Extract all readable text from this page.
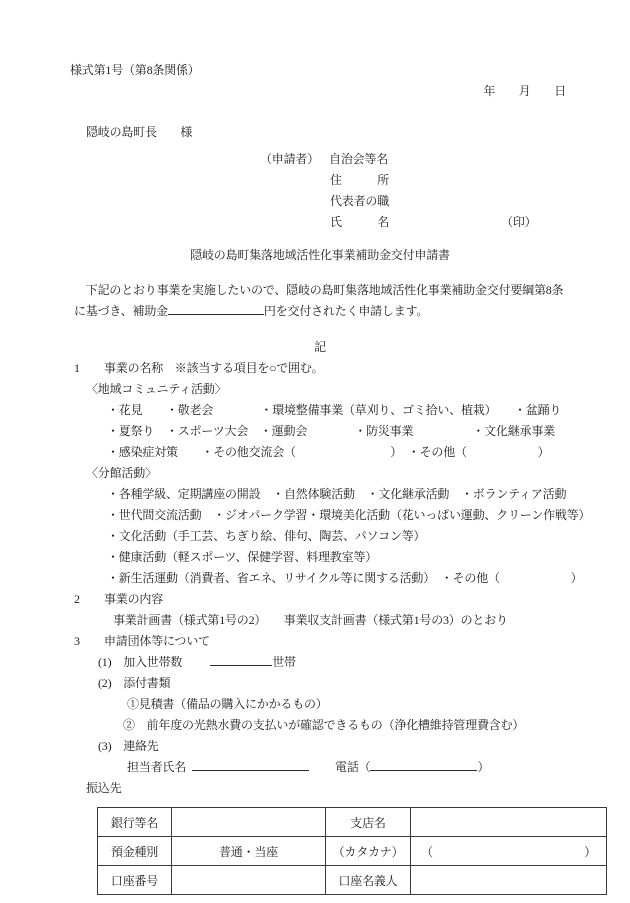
様式第1号（第8条関係）
年　　月　　日
隠岐の島町長　　様
（申請者） 自治会等名
住　　　所
代表者の職
氏　　　名	（印）
隠岐の島町集落地域活性化事業補助金交付申請書
　下記のとおり事業を実施したいので、隠岐の島町集落地域活性化事業補助金交付要綱第8条
に基づき、補助金	円を交付されたく申請します。
記
1 事業の名称　※該当する項目を○で囲む。
〈地域コミュニティ活動〉
・花見　　・敬老会　　　　・環境整備事業（草刈り、ゴミ拾い、植栽）　　・盆踊り
・夏祭り　・スポーツ大会　・運動会　　　　・防災事業　　　　　・文化継承事業
・感染症対策　　・その他交流会（　　　　　　　　）　・その他（　　　　　　）
〈分館活動〉
・各種学級、定期講座の開設　・自然体験活動　・文化継承活動　・ボランティア活動
・世代間交流活動　・ジオパーク学習・環境美化活動（花いっぱい運動、クリーン作戦等）
・文化活動（手工芸、ちぎり絵、俳句、陶芸、パソコン等）
・健康活動（軽スポーツ、保健学習、料理教室等）
・新生活運動（消費者、省エネ、リサイクル等に関する活動）　・その他（　　　　　　）
2 事業の内容
事業計画書（様式第1号の2）　　事業収支計画書（様式第1号の3）のとおり
3 申請団体等について
(1)　加入世帯数	世帯
(2)　添付書類
①見積書（備品の購入にかかるもの）
②　前年度の光熱水費の支払いが確認できるもの（浄化槽維持管理費含む）
(3)　連絡先
担当者氏名	電話（	）
振込先
銀行等名		支店名	
預金種別	普通・当座	（カタカナ）	（ ）

口座番号		口座名義人	
